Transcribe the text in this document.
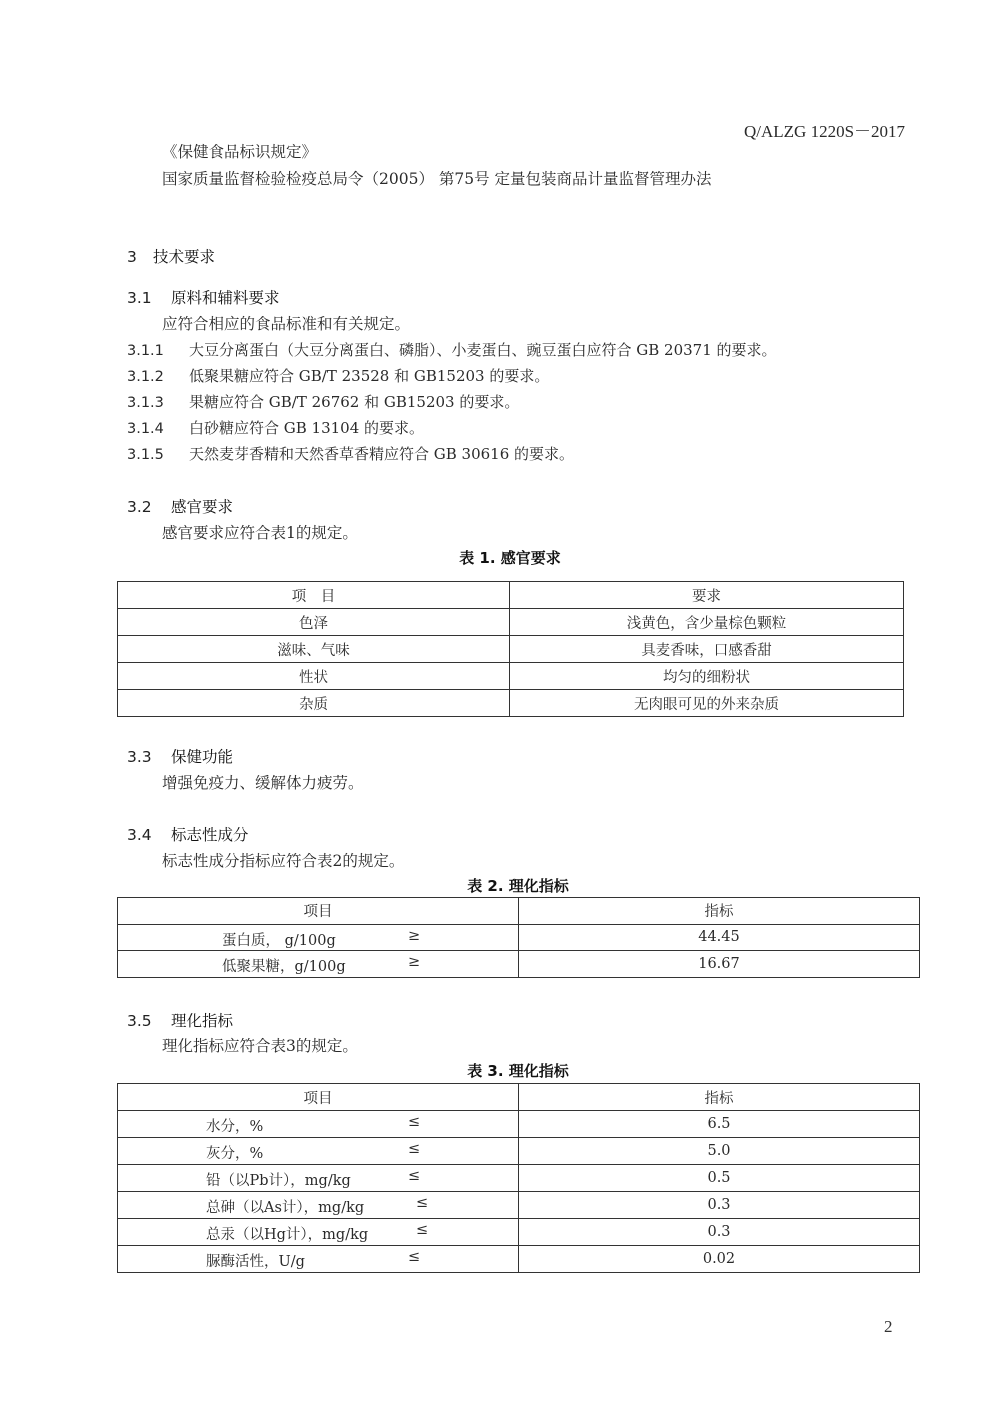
Q/ALZG 1220S－2017
《保健食品标识规定》
国家质量监督检验检疫总局令（2005） 第75号 定量包装商品计量监督管理办法
3 技术要求
3.1 原料和辅料要求
应符合相应的食品标准和有关规定。
3.1.1 大豆分离蛋白（大豆分离蛋白、磷脂）、小麦蛋白、豌豆蛋白应符合 GB 20371 的要求。
3.1.2 低聚果糖应符合 GB/T 23528 和 GB15203 的要求。
3.1.3 果糖应符合 GB/T 26762 和 GB15203 的要求。
3.1.4 白砂糖应符合 GB 13104 的要求。
3.1.5 天然麦芽香精和天然香草香精应符合 GB 30616 的要求。
3.2 感官要求
感官要求应符合表1的规定。
表 1. 感官要求
项　目	要求
色泽	浅黄色，含少量棕色颗粒
滋味、气味	具麦香味，口感香甜
性状	均匀的细粉状
杂质	无肉眼可见的外来杂质
3.3 保健功能
增强免疫力、缓解体力疲劳。
3.4 标志性成分
标志性成分指标应符合表2的规定。
表 2. 理化指标
项目	指标

蛋白质， g/100g ≥	44.45

低聚果糖，g/100g ≥	16.67
3.5 理化指标
理化指标应符合表3的规定。
表 3. 理化指标
项目	指标

水分，% ≤	6.5

灰分，% ≤	5.0

铅（以Pb计），mg/kg ≤	0.5

总砷（以As计），mg/kg ≤	0.3

总汞（以Hg计），mg/kg ≤	0.3

脲酶活性，U/g ≤	0.02
2
